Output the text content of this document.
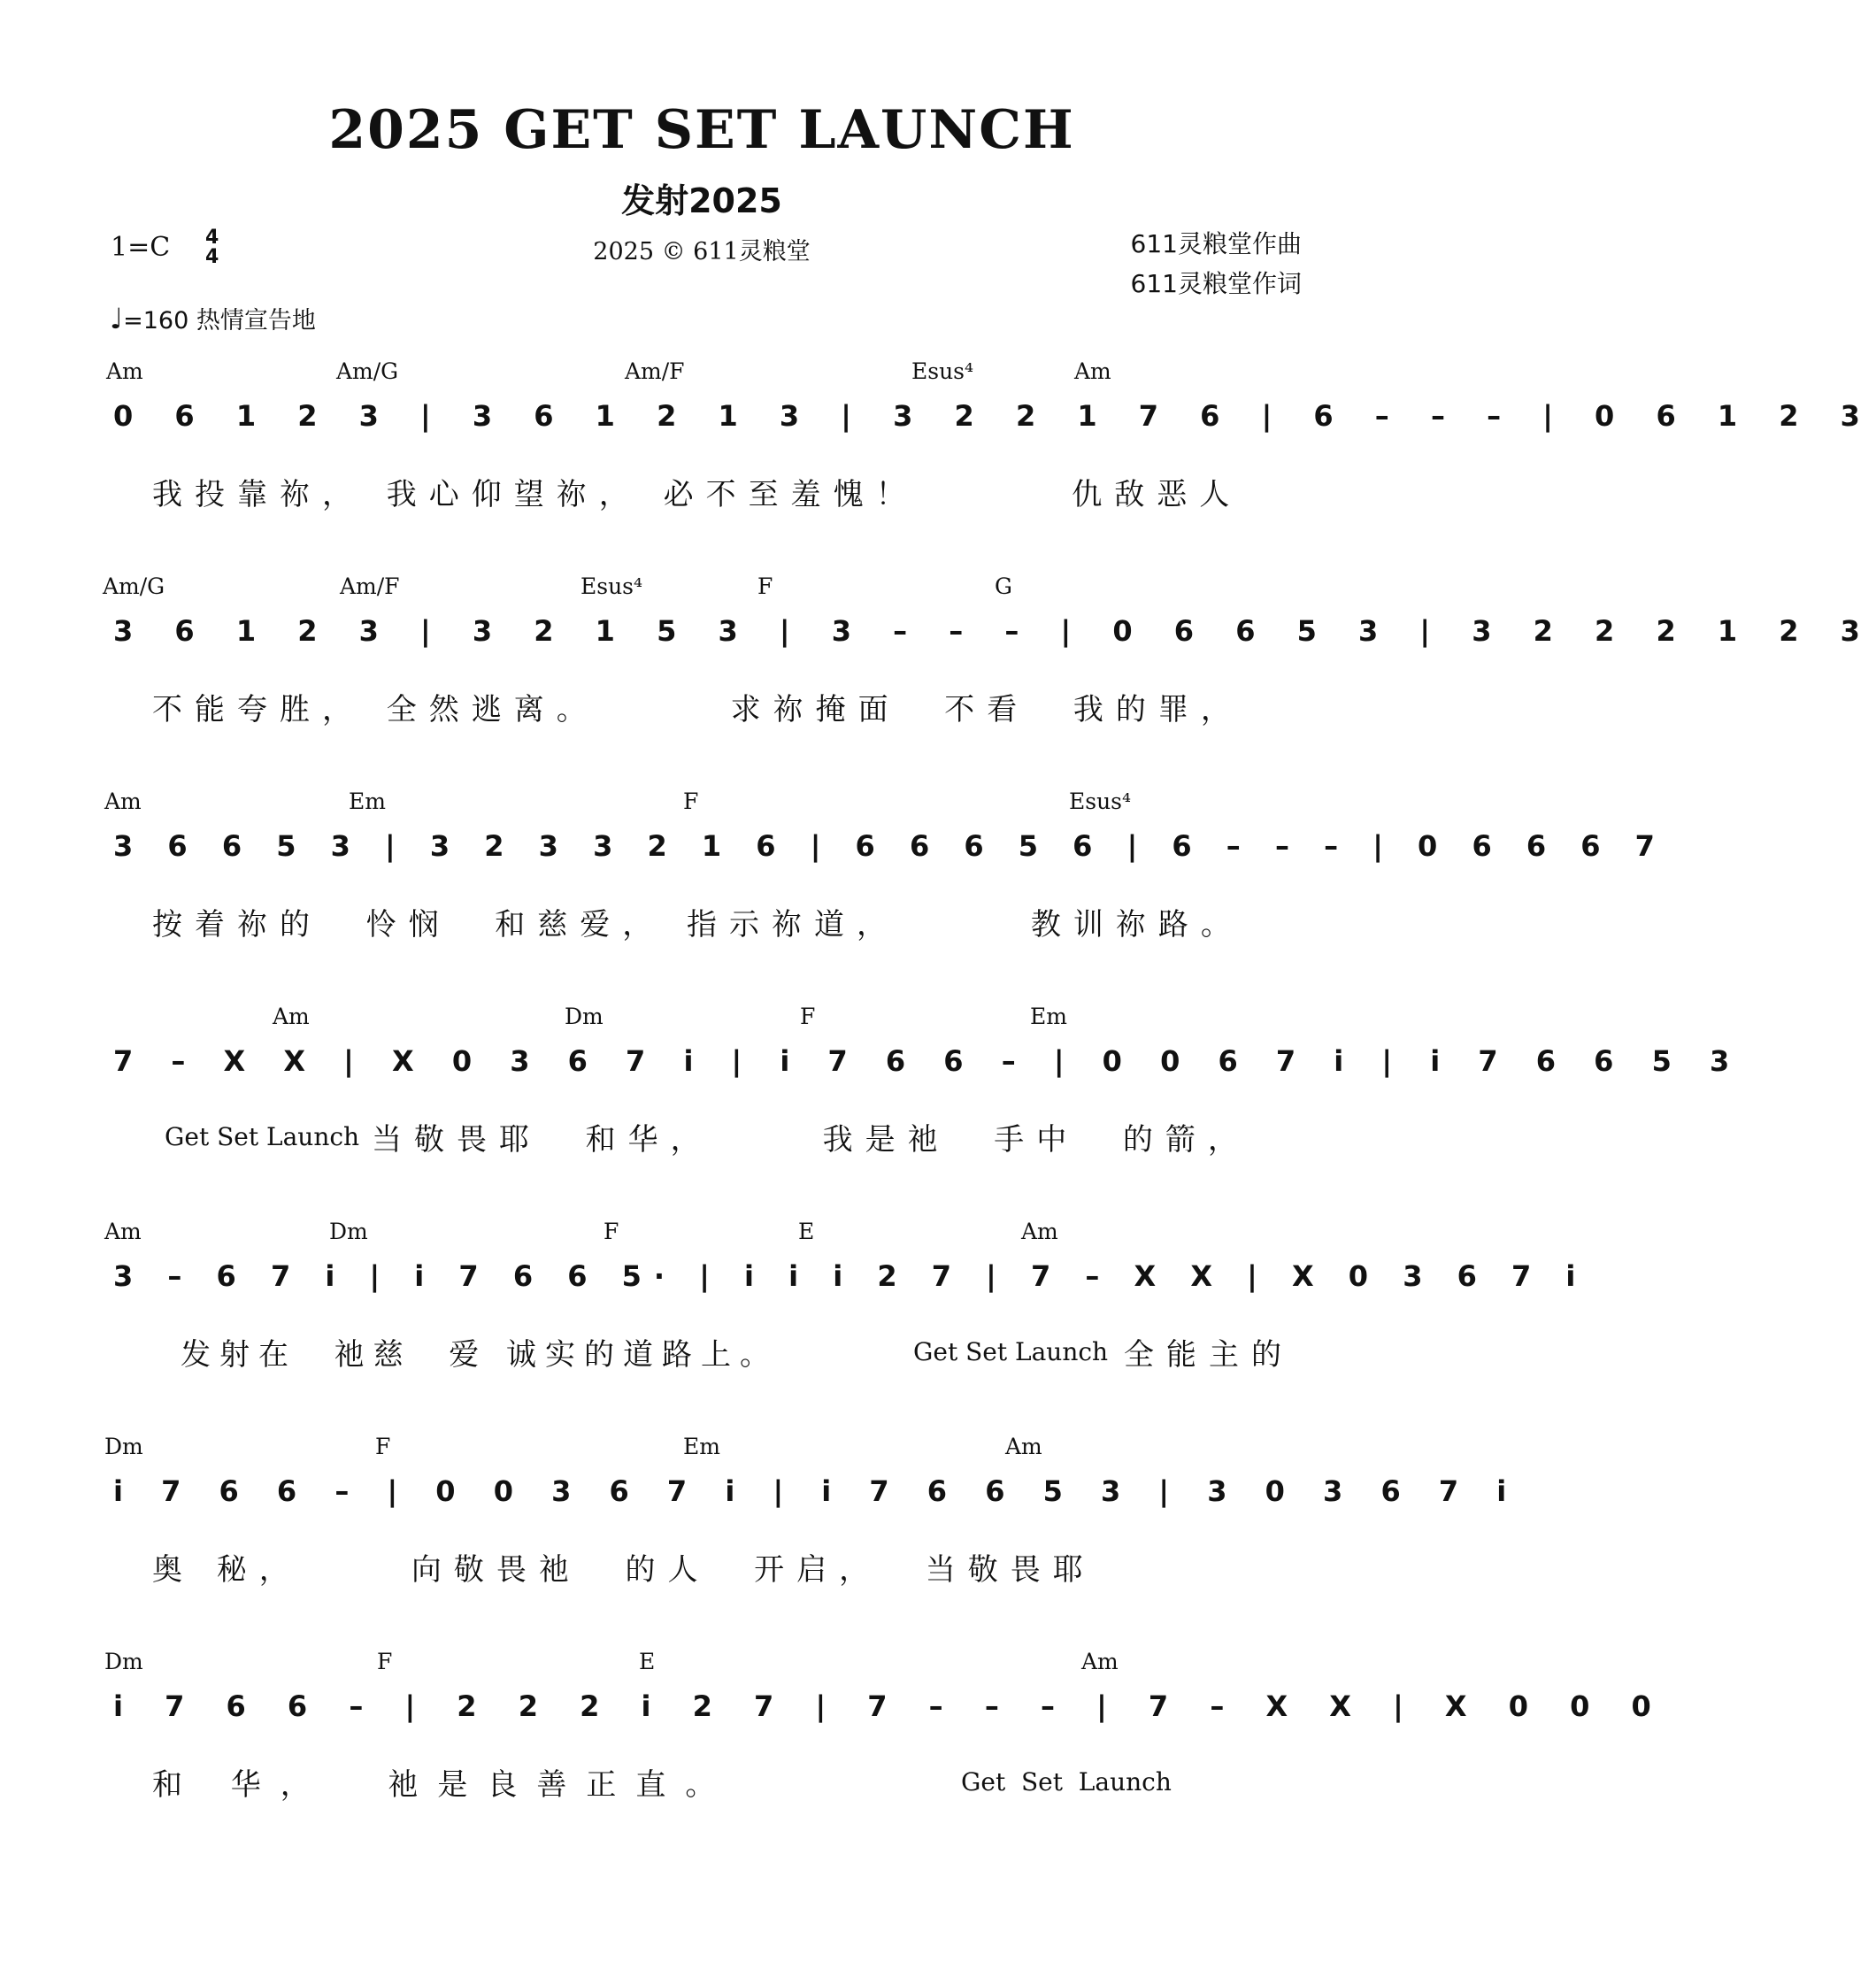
2025 GET SET LAUNCH
发射2025
1=C 4
4	2025 © 611灵粮堂	611灵粮堂作曲
611灵粮堂作词
♩=160 热情宣告地
Am	Am/G	Am/F	Esus⁴	Am
0 6 1 2 3 | 3 6 1 2 1 3 | 3 2 2 1 7 6 | 6 – – – | 0 6 1 2 3
我投靠祢， 我心仰望祢， 必不至羞愧！       仇敌恶人
Am/G	Am/F	Esus⁴	F	G
3 6 1 2 3 | 3 2 1 5 3 | 3 – – – | 0 6 6 5 3 | 3 2 2 2 1 2 3
不能夸胜， 全然逃离。      求祢掩面  不看  我的罪，
Am	Em	F	Esus⁴
3 6 6 5 3 | 3 2 3 3 2 1 6 | 6 6 6 5 6 | 6 – – – | 0 6 6 6 7
按着祢的  怜悯  和慈爱， 指示祢道，      教训祢路。
Am	Dm	F	Em
7 – X X | X 0 3 6 7 i | i 7 6 6 – | 0 0 6 7 i | i 7 6 6 5 3
Get Set Launch 当敬畏耶  和华，     我是祂  手中  的箭，
Am	Dm	F	E	Am
3 – 6 7 i | i 7 6 6 5· | i i i 2 7 | 7 – X X | X 0 3 6 7 i
发射在  祂慈  爱 诚实的道路上。	Get Set Launch 全能主的
Dm	F	Em	Am
i 7 6 6 – | 0 0 3 6 7 i | i 7 6 6 5 3 | 3 0 3 6 7 i
奥 秘，     向敬畏祂  的人  开启，  当敬畏耶
Dm	F	E	Am
i 7 6 6 – | 2 2 2 i 2 7 | 7 – – – | 7 – X X | X 0 0 0
和 华，  祂是良善正直。	Get  Set  Launch
